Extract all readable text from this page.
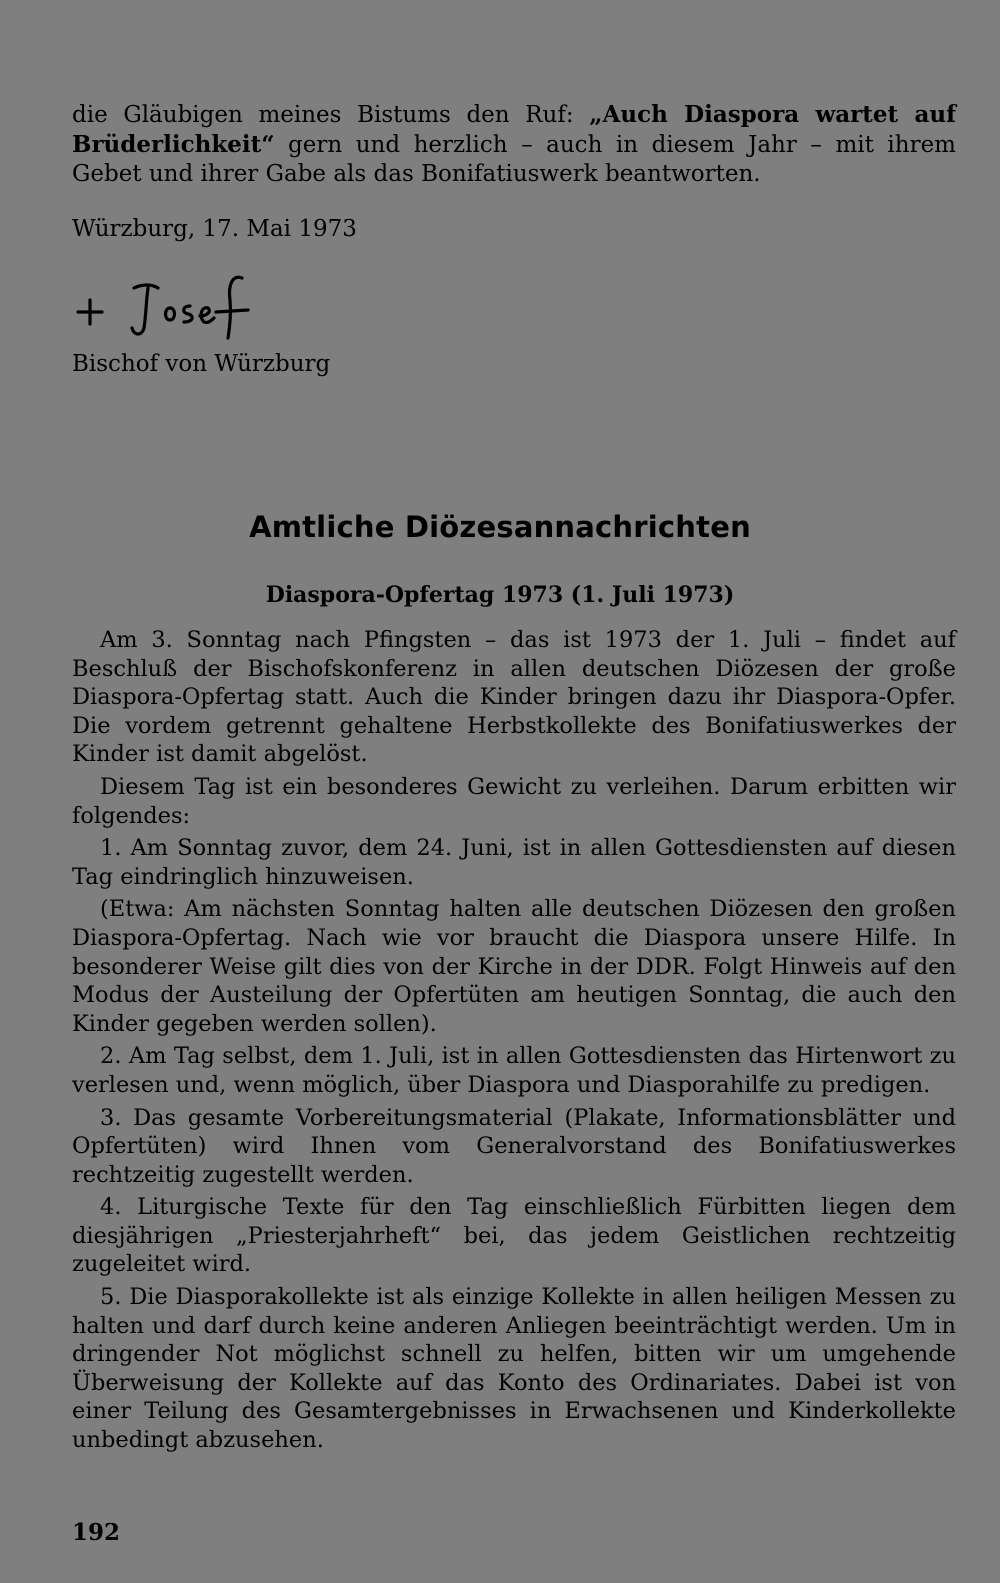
die Gläubigen meines Bistums den Ruf: „Auch Diaspora wartet auf Brüderlichkeit“ gern und herzlich – auch in diesem Jahr – mit ihrem Gebet und ihrer Gabe als das Bonifatiuswerk beantworten.
Würzburg, 17. Mai 1973
Bischof von Würzburg
Amtliche Diözesannachrichten
Diaspora-Opfertag 1973 (1. Juli 1973)

Am 3. Sonntag nach Pfingsten – das ist 1973 der 1. Juli – findet auf Beschluß der Bischofskonferenz in allen deutschen Diözesen der große Diaspora-Opfertag statt. Auch die Kinder bringen dazu ihr Diaspora-Opfer. Die vordem getrennt gehaltene Herbstkollekte des Bonifatiuswerkes der Kinder ist damit abgelöst.

Diesem Tag ist ein besonderes Gewicht zu verleihen. Darum erbitten wir folgendes:

1. Am Sonntag zuvor, dem 24. Juni, ist in allen Gottesdiensten auf diesen Tag eindringlich hinzuweisen.

(Etwa: Am nächsten Sonntag halten alle deutschen Diözesen den großen Diaspora-Opfertag. Nach wie vor braucht die Diaspora unsere Hilfe. In besonderer Weise gilt dies von der Kirche in der DDR. Folgt Hinweis auf den Modus der Austeilung der Opfertüten am heutigen Sonntag, die auch den Kinder gegeben werden sollen).

2. Am Tag selbst, dem 1. Juli, ist in allen Gottesdiensten das Hirtenwort zu verlesen und, wenn möglich, über Diaspora und Diasporahilfe zu predigen.

3. Das gesamte Vorbereitungsmaterial (Plakate, Informationsblätter und Opfertüten) wird Ihnen vom Generalvorstand des Bonifatiuswerkes rechtzeitig zugestellt werden.

4. Liturgische Texte für den Tag einschließlich Fürbitten liegen dem diesjährigen „Priesterjahrheft“ bei, das jedem Geistlichen rechtzeitig zugeleitet wird.

5. Die Diasporakollekte ist als einzige Kollekte in allen heiligen Messen zu halten und darf durch keine anderen Anliegen beeinträchtigt werden. Um in dringender Not möglichst schnell zu helfen, bitten wir um umgehende Überweisung der Kollekte auf das Konto des Ordinariates. Dabei ist von einer Teilung des Gesamtergebnisses in Erwachsenen und Kinderkollekte unbedingt abzusehen.

192
